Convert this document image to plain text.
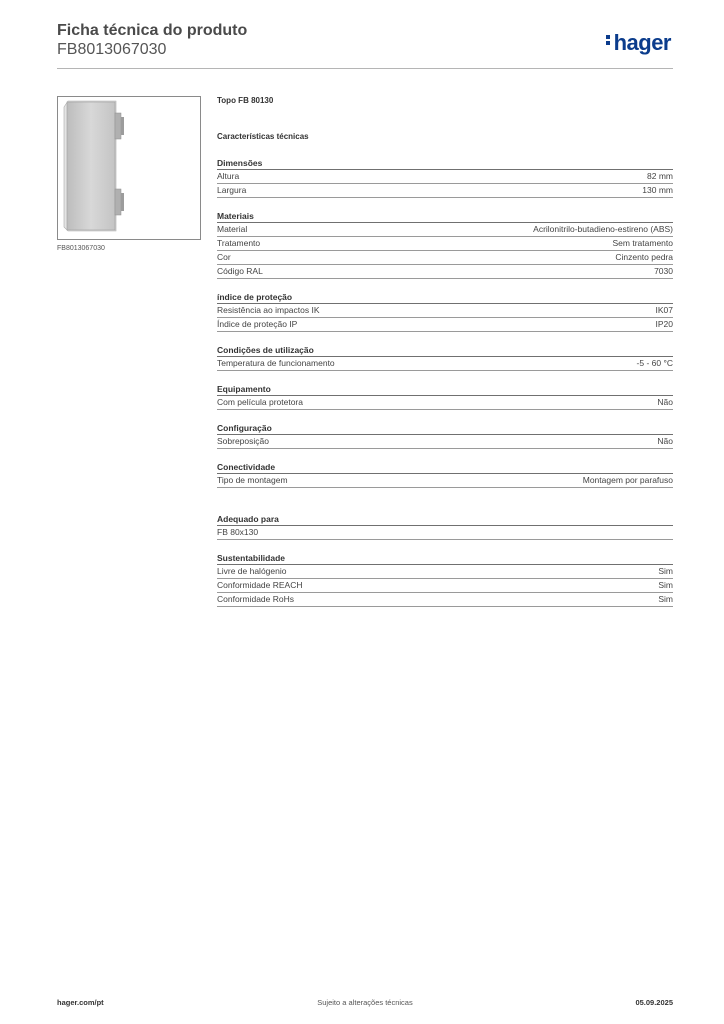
Ficha técnica do produto
FB8013067030	hager
FB8013067030
Topo FB 80130
Características técnicas
Dimensões
Altura	82 mm
Largura	130 mm
Materiais
Material	Acrilonitrilo-butadieno-estireno (ABS)
Tratamento	Sem tratamento
Cor	Cinzento pedra
Código RAL	7030
índice de proteção
Resistência ao impactos IK	IK07
Índice de proteção IP	IP20
Condições de utilização
Temperatura de funcionamento	-5 - 60 °C
Equipamento
Com película protetora	Não
Configuração
Sobreposição	Não
Conectividade
Tipo de montagem	Montagem por parafuso
Adequado para
FB 80x130
Sustentabilidade
Livre de halógenio	Sim
Conformidade REACH	Sim
Conformidade RoHs	Sim
hager.com/pt	Sujeito a alterações técnicas	05.09.2025
